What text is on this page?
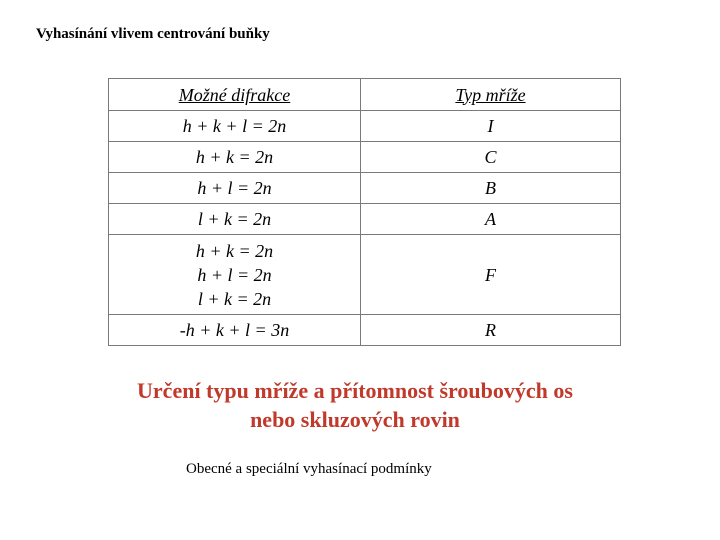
Vyhasínání vlivem centrování buňky
Možné difrakce	Typ mříže
h + k + l = 2n	I
h + k = 2n	C
h + l = 2n	B
l + k = 2n	A

h + k = 2n
h + l = 2n
l + k = 2n	F
-h + k + l = 3n	R
Určení typu mříže a přítomnost šroubových os
nebo skluzových rovin
Obecné a speciální vyhasínací podmínky
